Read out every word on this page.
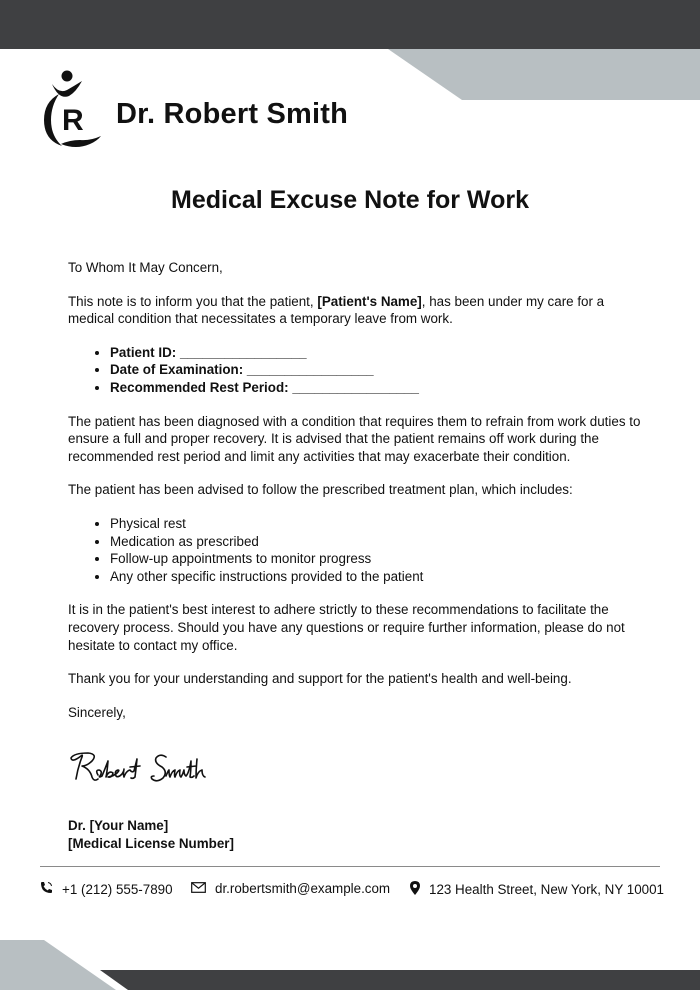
R Dr. Robert Smith
Medical Excuse Note for Work

To Whom It May Concern,

This note is to inform you that the patient, [Patient's Name], has been under my care for a medical condition that necessitates a temporary leave from work.

• Patient ID: _________________
• Date of Examination: _________________
• Recommended Rest Period: _________________

The patient has been diagnosed with a condition that requires them to refrain from work duties to ensure a full and proper recovery. It is advised that the patient remains off work during the recommended rest period and limit any activities that may exacerbate their condition.

The patient has been advised to follow the prescribed treatment plan, which includes:

• Physical rest
• Medication as prescribed
• Follow-up appointments to monitor progress
• Any other specific instructions provided to the patient

It is in the patient's best interest to adhere strictly to these recommendations to facilitate the recovery process. Should you have any questions or require further information, please do not hesitate to contact my office.

Thank you for your understanding and support for the patient's health and well-being.

Sincerely,

Dr. [Your Name]
[Medical License Number]
+1 (212) 555-7890	dr.robertsmith@example.com	123 Health Street, New York, NY 10001
